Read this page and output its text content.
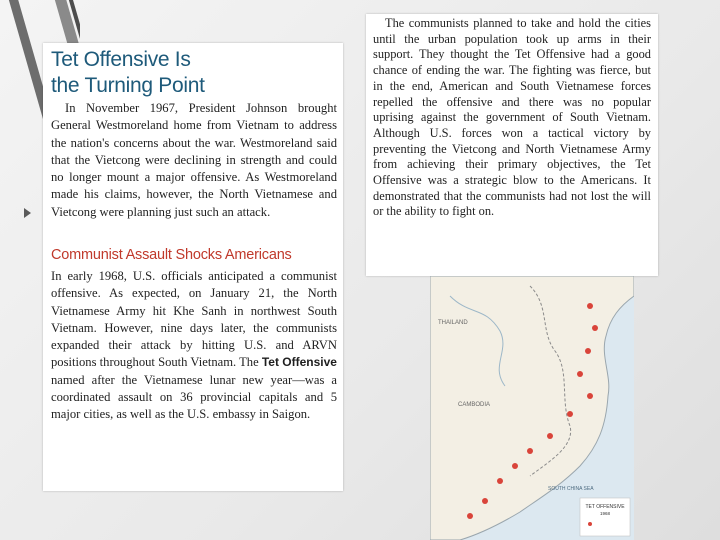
Tet Offensive Is
the Turning Point
In November 1967, President Johnson brought General Westmoreland home from Vietnam to address the nation's concerns about the war. Westmoreland said that the Vietcong were declining in strength and could no longer mount a major offensive. As Westmoreland made his claims, however, the North Vietnamese and Vietcong were planning just such an attack.
Communist Assault Shocks Americans
In early 1968, U.S. officials anticipated a communist offensive. As expected, on January 21, the North Vietnamese Army hit Khe Sanh in northwest South Vietnam. However, nine days later, the communists expanded their attack by hitting U.S. and ARVN positions throughout South Vietnam. The Tet Offensive named after the Vietnamese lunar new year—was a coordinated assault on 36 provincial capitals and 5 major cities, as well as the U.S. embassy in Saigon.
The communists planned to take and hold the cities until the urban population took up arms in their support. They thought the Tet Offensive had a good chance of ending the war. The fighting was fierce, but in the end, American and South Vietnamese forces repelled the offensive and there was no popular uprising against the government of South Vietnam. Although U.S. forces won a tactical victory by preventing the Vietcong and North Vietnamese Army from achieving their primary objectives, the Tet Offensive was a strategic blow to the Americans. It demonstrated that the communists had not lost the will or the ability to fight on.
THAILAND
CAMBODIA
SOUTH CHINA SEA
TET OFFENSIVE
1968
